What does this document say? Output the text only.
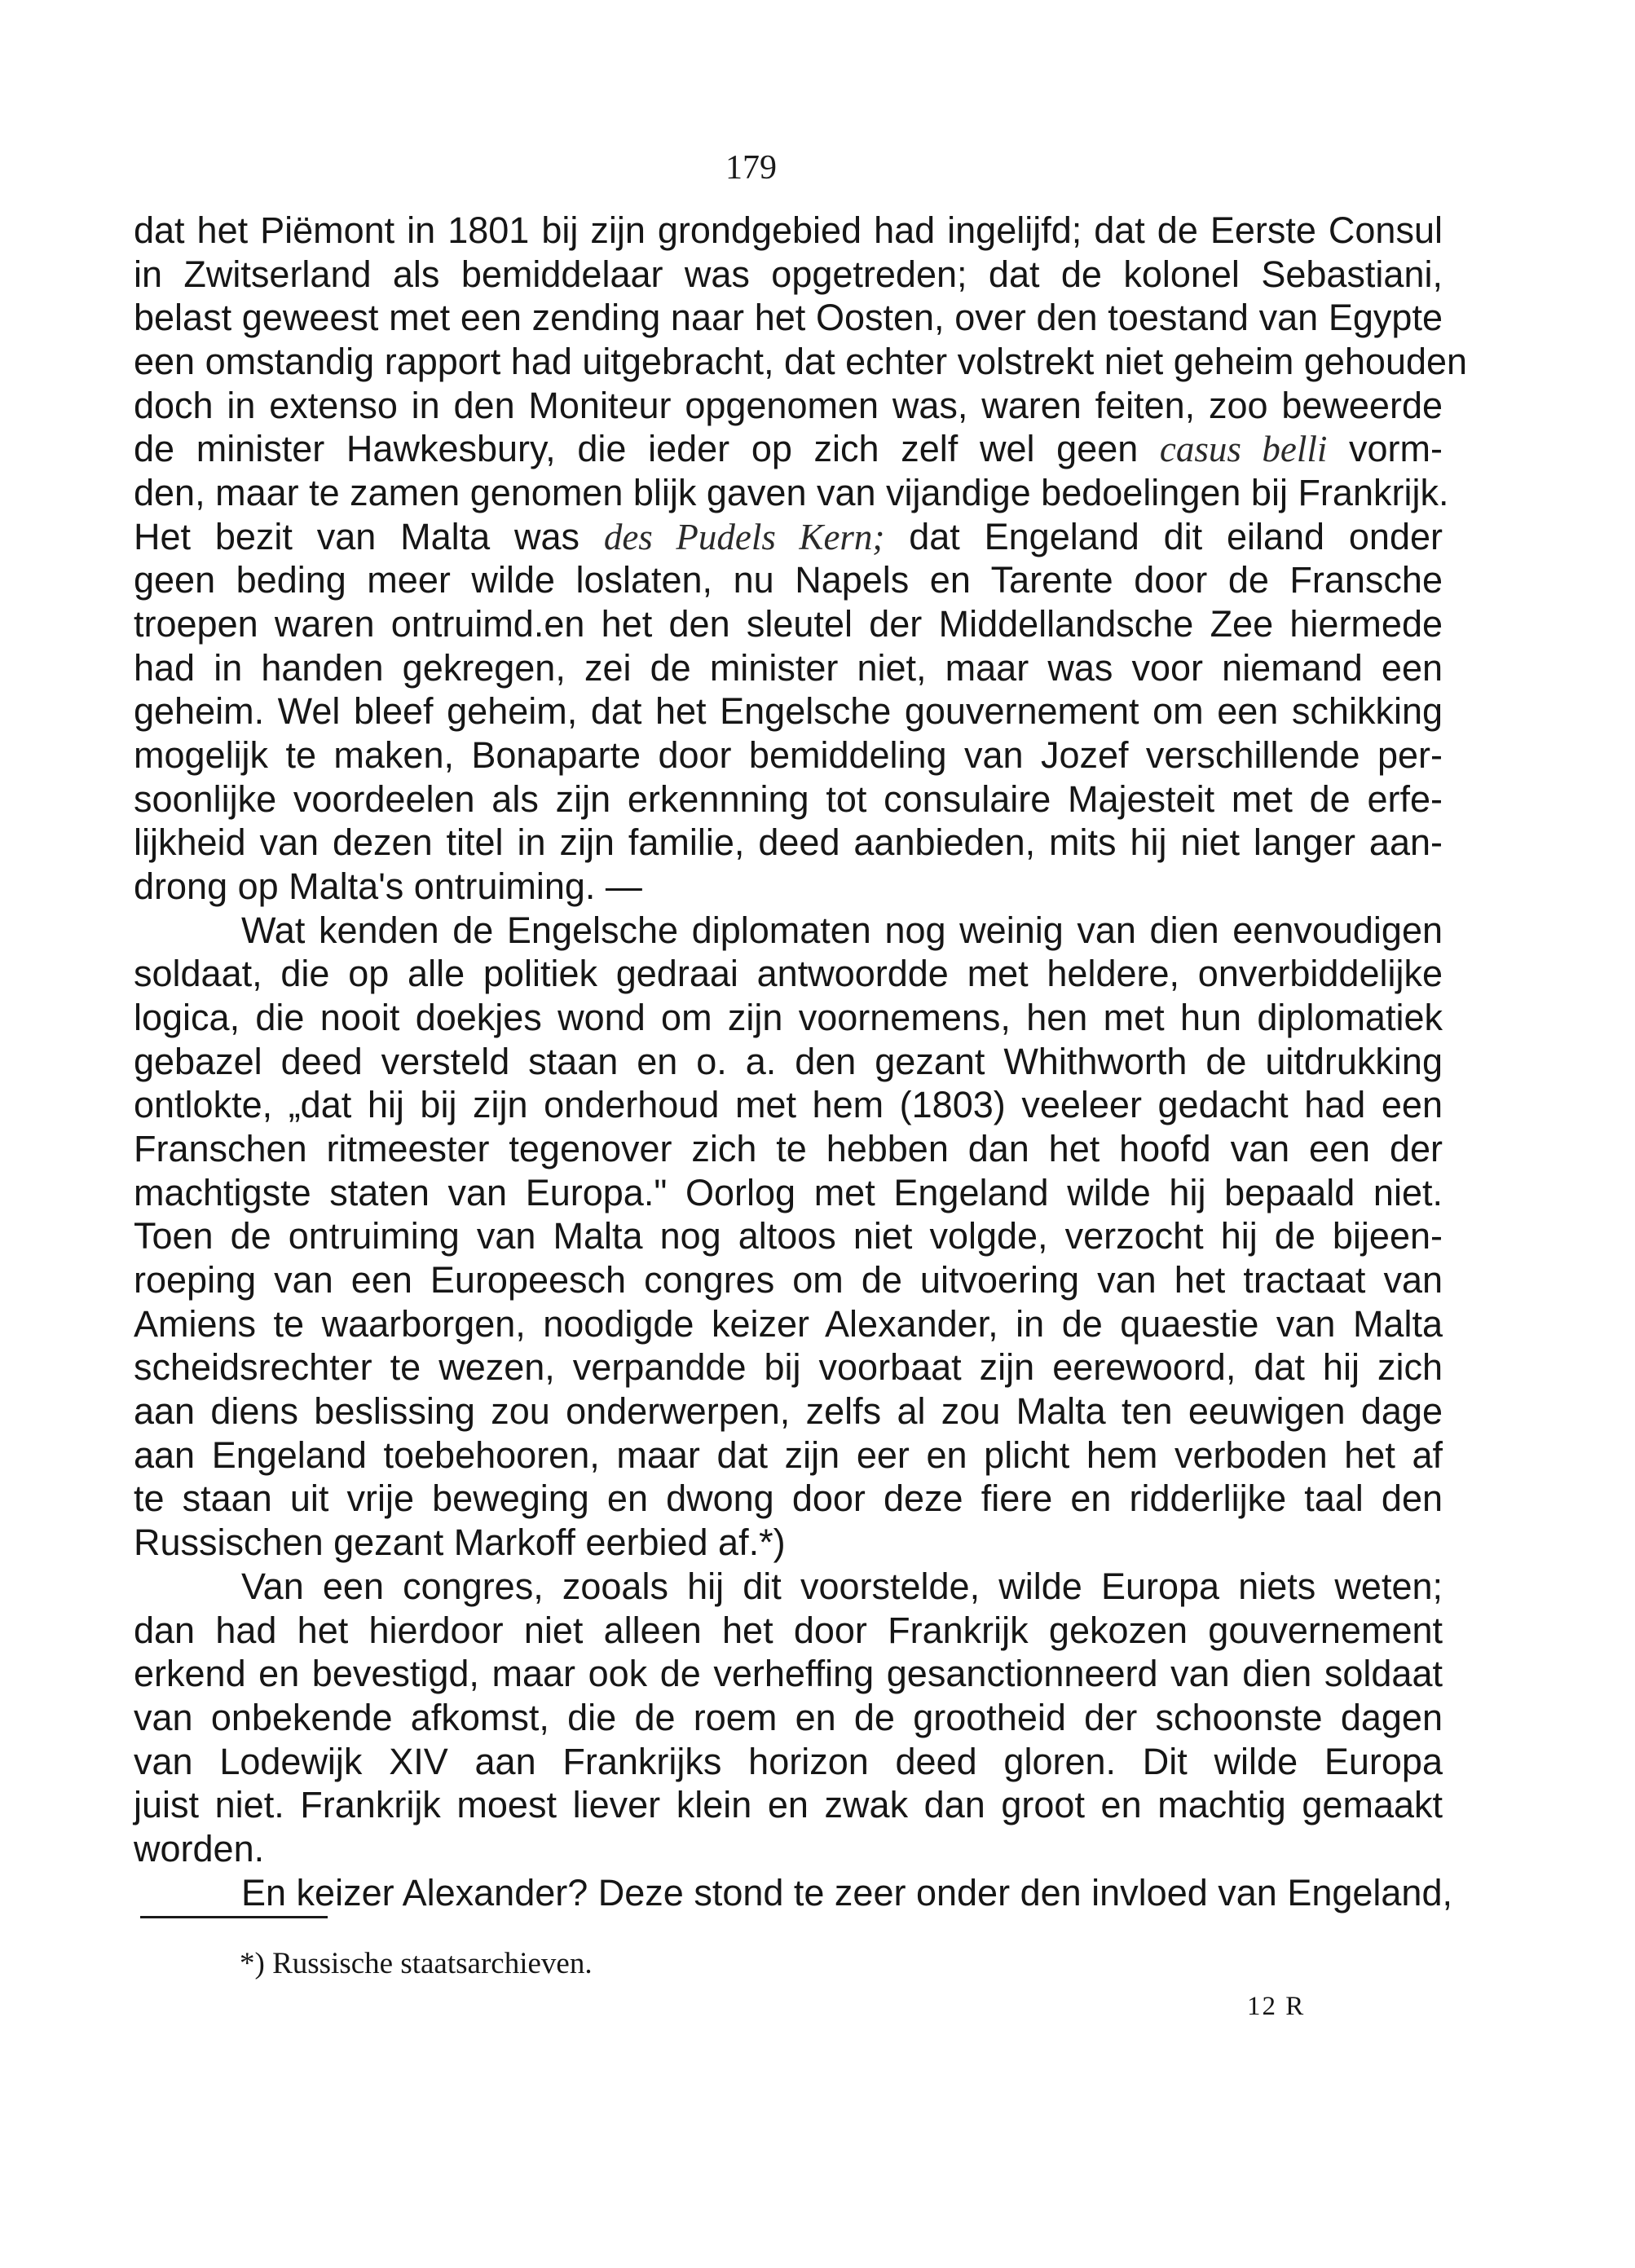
179
dat het Piëmont in 1801 bij zijn grondgebied had ingelijfd; dat de Eerste Consul
in Zwitserland als bemiddelaar was opgetreden; dat de kolonel Sebastiani,
belast geweest met een zending naar het Oosten, over den toestand van Egypte
een omstandig rapport had uitgebracht, dat echter volstrekt niet geheim gehouden
doch in extenso in den Moniteur opgenomen was, waren feiten, zoo beweerde
de minister Hawkesbury, die ieder op zich zelf wel geen casus belli vorm-
den, maar te zamen genomen blijk gaven van vijandige bedoelingen bij Frankrijk.
Het bezit van Malta was des Pudels Kern; dat Engeland dit eiland onder
geen beding meer wilde loslaten, nu Napels en Tarente door de Fransche
troepen waren ontruimd.en het den sleutel der Middellandsche Zee hiermede
had in handen gekregen, zei de minister niet, maar was voor niemand een
geheim. Wel bleef geheim, dat het Engelsche gouvernement om een schikking
mogelijk te maken, Bonaparte door bemiddeling van Jozef verschillende per-
soonlijke voordeelen als zijn erkennning tot consulaire Majesteit met de erfe-
lijkheid van dezen titel in zijn familie, deed aanbieden, mits hij niet langer aan-
drong op Malta's ontruiming. —
Wat kenden de Engelsche diplomaten nog weinig van dien eenvoudigen
soldaat, die op alle politiek gedraai antwoordde met heldere, onverbiddelijke
logica, die nooit doekjes wond om zijn voornemens, hen met hun diplomatiek
gebazel deed versteld staan en o. a. den gezant Whithworth de uitdrukking
ontlokte, „dat hij bij zijn onderhoud met hem (1803) veeleer gedacht had een
Franschen ritmeester tegenover zich te hebben dan het hoofd van een der
machtigste staten van Europa." Oorlog met Engeland wilde hij bepaald niet.
Toen de ontruiming van Malta nog altoos niet volgde, verzocht hij de bijeen-
roeping van een Europeesch congres om de uitvoering van het tractaat van
Amiens te waarborgen, noodigde keizer Alexander, in de quaestie van Malta
scheidsrechter te wezen, verpandde bij voorbaat zijn eerewoord, dat hij zich
aan diens beslissing zou onderwerpen, zelfs al zou Malta ten eeuwigen dage
aan Engeland toebehooren, maar dat zijn eer en plicht hem verboden het af
te staan uit vrije beweging en dwong door deze fiere en ridderlijke taal den
Russischen gezant Markoff eerbied af.*)
Van een congres, zooals hij dit voorstelde, wilde Europa niets weten;
dan had het hierdoor niet alleen het door Frankrijk gekozen gouvernement
erkend en bevestigd, maar ook de verheffing gesanctionneerd van dien soldaat
van onbekende afkomst, die de roem en de grootheid der schoonste dagen
van Lodewijk XIV aan Frankrijks horizon deed gloren. Dit wilde Europa
juist niet. Frankrijk moest liever klein en zwak dan groot en machtig gemaakt
worden.
En keizer Alexander? Deze stond te zeer onder den invloed van Engeland,
*) Russische staatsarchieven.
12 R
